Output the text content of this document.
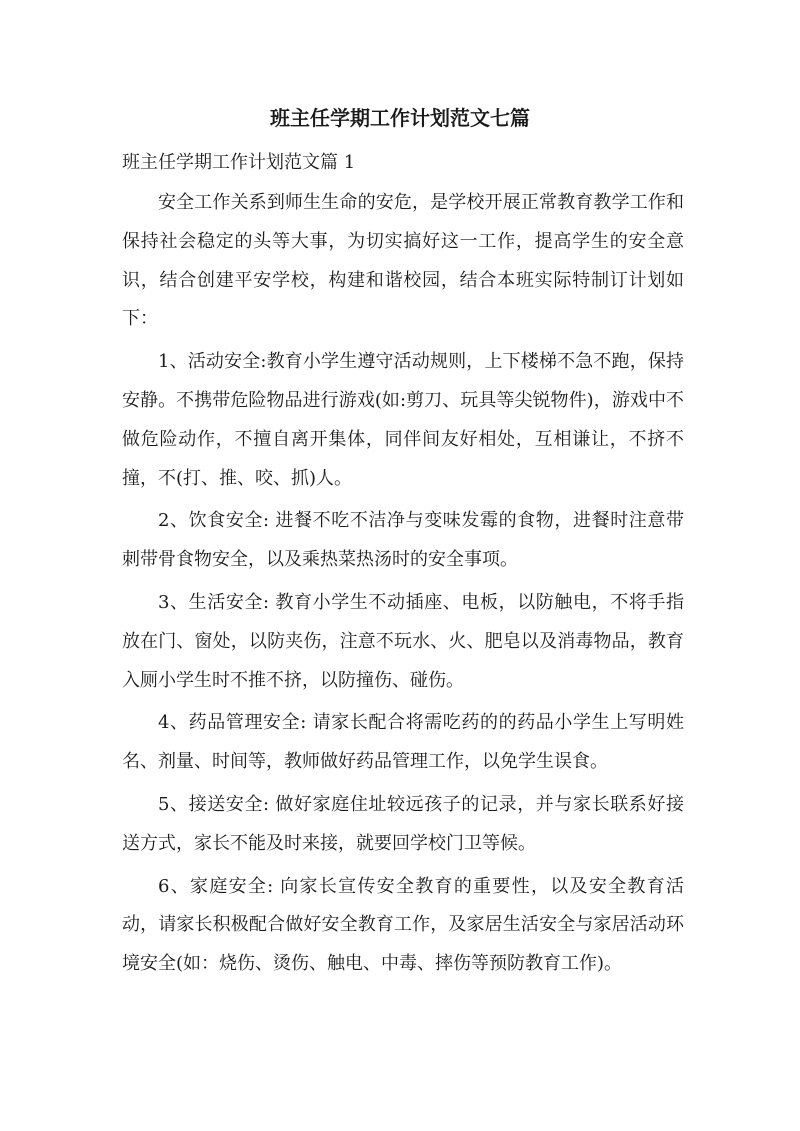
班主任学期工作计划范文七篇

班主任学期工作计划范文篇 1

安全工作关系到师生生命的安危，是学校开展正常教育教学工作和保持社会稳定的头等大事，为切实搞好这一工作，提高学生的安全意识，结合创建平安学校，构建和谐校园，结合本班实际特制订计划如下：

1、活动安全:教育小学生遵守活动规则，上下楼梯不急不跑，保持安静。不携带危险物品进行游戏(如:剪刀、玩具等尖锐物件)，游戏中不做危险动作，不擅自离开集体，同伴间友好相处，互相谦让，不挤不撞，不(打、推、咬、抓)人。

2、饮食安全: 进餐不吃不洁净与变味发霉的食物，进餐时注意带刺带骨食物安全，以及乘热菜热汤时的安全事项。

3、生活安全: 教育小学生不动插座、电板，以防触电，不将手指放在门、窗处，以防夹伤，注意不玩水、火、肥皂以及消毒物品，教育入厕小学生时不推不挤，以防撞伤、碰伤。

4、药品管理安全: 请家长配合将需吃药的的药品小学生上写明姓名、剂量、时间等，教师做好药品管理工作，以免学生误食。

5、接送安全: 做好家庭住址较远孩子的记录，并与家长联系好接送方式，家长不能及时来接，就要回学校门卫等候。

6、家庭安全: 向家长宣传安全教育的重要性，以及安全教育活动，请家长积极配合做好安全教育工作，及家居生活安全与家居活动环境安全(如：烧伤、烫伤、触电、中毒、摔伤等预防教育工作)。
